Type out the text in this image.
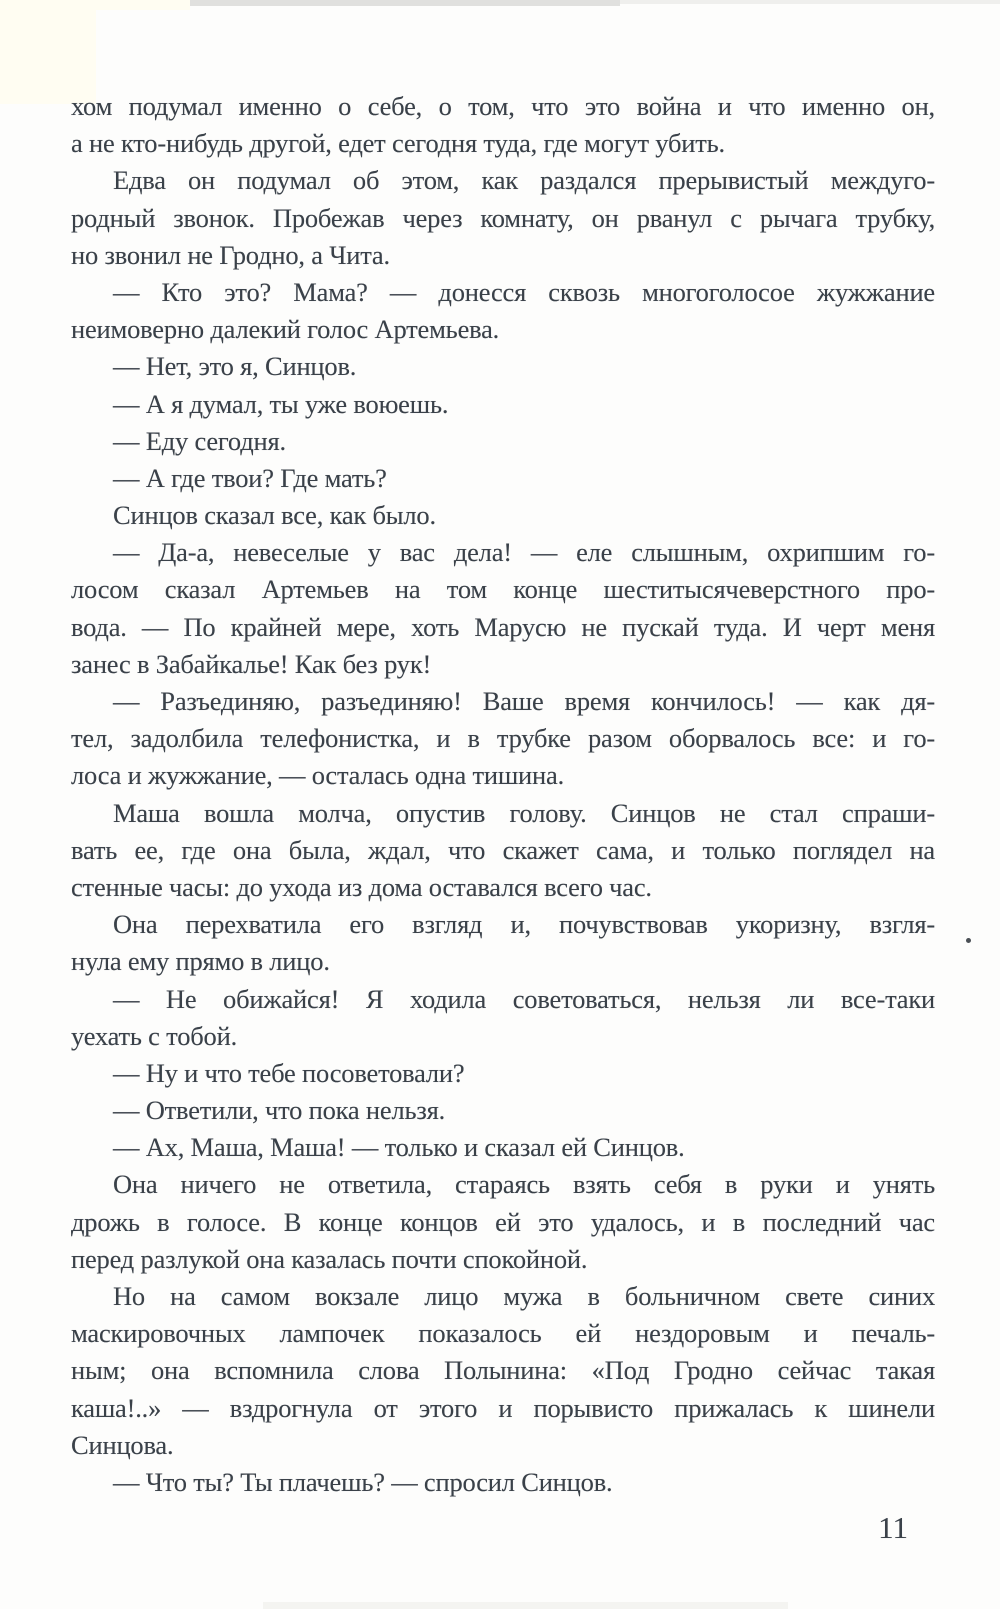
хом подумал именно о себе, о том, что это война и что именно он,
а не кто-нибудь другой, едет сегодня туда, где могут убить.
Едва он подумал об этом, как раздался прерывистый междуго-
родный звонок. Пробежав через комнату, он рванул с рычага трубку,
но звонил не Гродно, а Чита.
— Кто это? Мама? — донесся сквозь многоголосое жужжание
неимоверно далекий голос Артемьева.
— Нет, это я, Синцов.
— А я думал, ты уже воюешь.
— Еду сегодня.
— А где твои? Где мать?
Синцов сказал все, как было.
— Да-а, невеселые у вас дела! — еле слышным, охрипшим го-
лосом сказал Артемьев на том конце шеститысячеверстного про-
вода. — По крайней мере, хоть Марусю не пускай туда. И черт меня
занес в Забайкалье! Как без рук!
— Разъединяю, разъединяю! Ваше время кончилось! — как дя-
тел, задолбила телефонистка, и в трубке разом оборвалось все: и го-
лоса и жужжание, — осталась одна тишина.
Маша вошла молча, опустив голову. Синцов не стал спраши-
вать ее, где она была, ждал, что скажет сама, и только поглядел на
стенные часы: до ухода из дома оставался всего час.
Она перехватила его взгляд и, почувствовав укоризну, взгля-
нула ему прямо в лицо.
— Не обижайся! Я ходила советоваться, нельзя ли все-таки
уехать с тобой.
— Ну и что тебе посоветовали?
— Ответили, что пока нельзя.
— Ах, Маша, Маша! — только и сказал ей Синцов.
Она ничего не ответила, стараясь взять себя в руки и унять
дрожь в голосе. В конце концов ей это удалось, и в последний час
перед разлукой она казалась почти спокойной.
Но на самом вокзале лицо мужа в больничном свете синих
маскировочных лампочек показалось ей нездоровым и печаль-
ным; она вспомнила слова Полынина: «Под Гродно сейчас такая
каша!..» — вздрогнула от этого и порывисто прижалась к шинели
Синцова.
— Что ты? Ты плачешь? — спросил Синцов.
11
